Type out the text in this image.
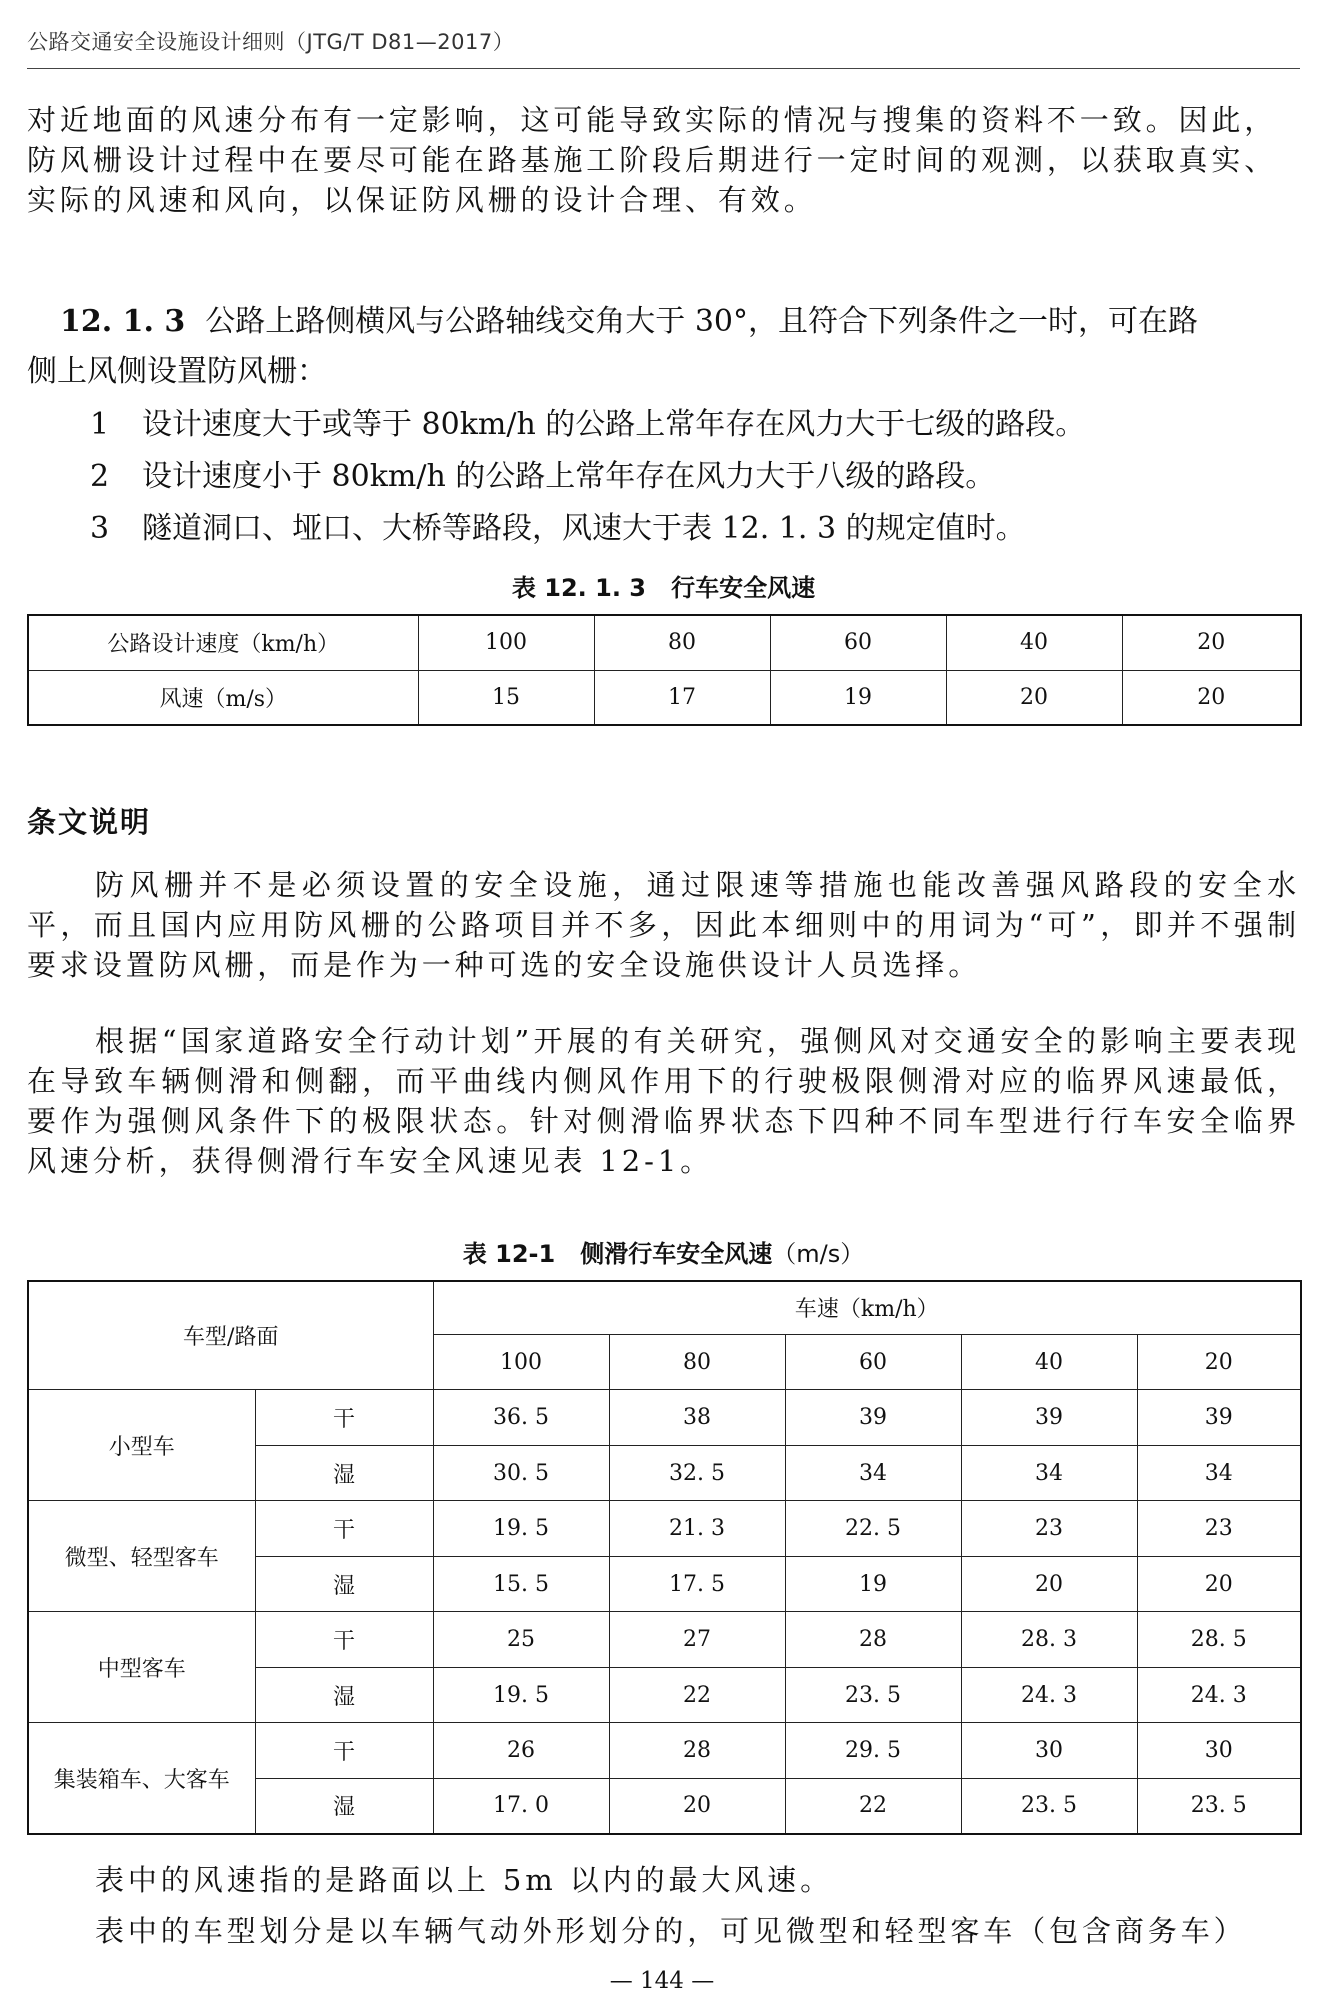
公路交通安全设施设计细则（JTG/T D81—2017）
对近地面的风速分布有一定影响，这可能导致实际的情况与搜集的资料不一致。因此，
防风栅设计过程中在要尽可能在路基施工阶段后期进行一定时间的观测，以获取真实、
实际的风速和风向，以保证防风栅的设计合理、有效。
12. 1. 3 公路上路侧横风与公路轴线交角大于 30°，且符合下列条件之一时，可在路
侧上风侧设置防风栅：
1 设计速度大于或等于 80km/h 的公路上常年存在风力大于七级的路段。
2 设计速度小于 80km/h 的公路上常年存在风力大于八级的路段。
3 隧道洞口、垭口、大桥等路段，风速大于表 12. 1. 3 的规定值时。
表 12. 1. 3 行车安全风速
公路设计速度（km/h）	100	80	60	40	20
风速（m/s）	15	17	19	20	20
条文说明
防风栅并不是必须设置的安全设施，通过限速等措施也能改善强风路段的安全水平，而且国内应用防风栅的公路项目并不多，因此本细则中的用词为“可”，即并不强制要求设置防风栅，而是作为一种可选的安全设施供设计人员选择。
根据“国家道路安全行动计划”开展的有关研究，强侧风对交通安全的影响主要表现在导致车辆侧滑和侧翻，而平曲线内侧风作用下的行驶极限侧滑对应的临界风速最低，要作为强侧风条件下的极限状态。针对侧滑临界状态下四种不同车型进行行车安全临界风速分析，获得侧滑行车安全风速见表 12-1。
表 12-1 侧滑行车安全风速（m/s）
车型/路面		车速（km/h）				
		100	80	60	40	20
小型车	干	36. 5	38	39	39	39
	湿	30. 5	32. 5	34	34	34
微型、轻型客车	干	19. 5	21. 3	22. 5	23	23
	湿	15. 5	17. 5	19	20	20
中型客车	干	25	27	28	28. 3	28. 5
	湿	19. 5	22	23. 5	24. 3	24. 3
集装箱车、大客车	干	26	28	29. 5	30	30
	湿	17. 0	20	22	23. 5	23. 5
表中的风速指的是路面以上 5m 以内的最大风速。
表中的车型划分是以车辆气动外形划分的，可见微型和轻型客车（包含商务车）
— 144 —
